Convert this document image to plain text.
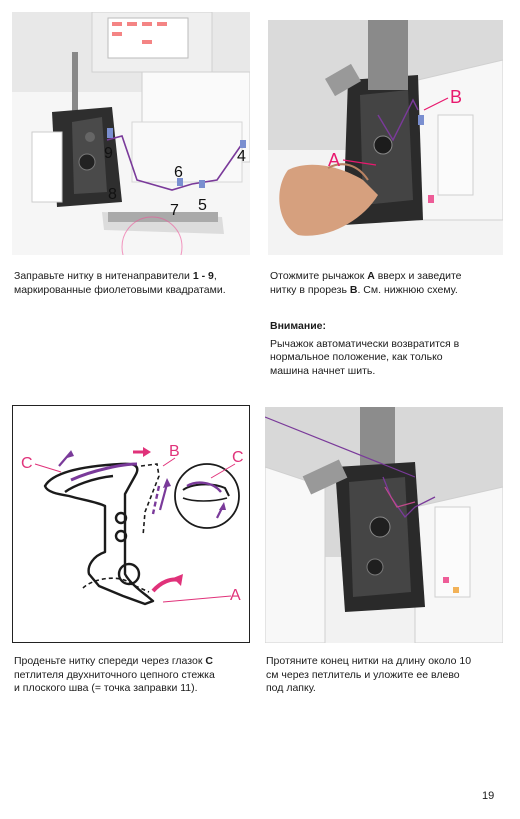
9
8
6
7 5
4
Заправьте нитку в нитенаправители 1 - 9,
маркированные фиолетовыми квадратами.
A
B
Отожмите рычажок A вверх и заведите
нитку в прорезь B. См. нижнюю схему.
Внимание:
Рычажок автоматически возвратится в
нормальное положение, как только
машина начнет шить.
C
B	C
A
Проденьте нитку спереди через глазок C
петлителя двухниточного цепного стежка
и плоского шва (= точка заправки 11).
Протяните конец нитки на длину около 10
см через петлитель и уложите ее влево
под лапку.
19
